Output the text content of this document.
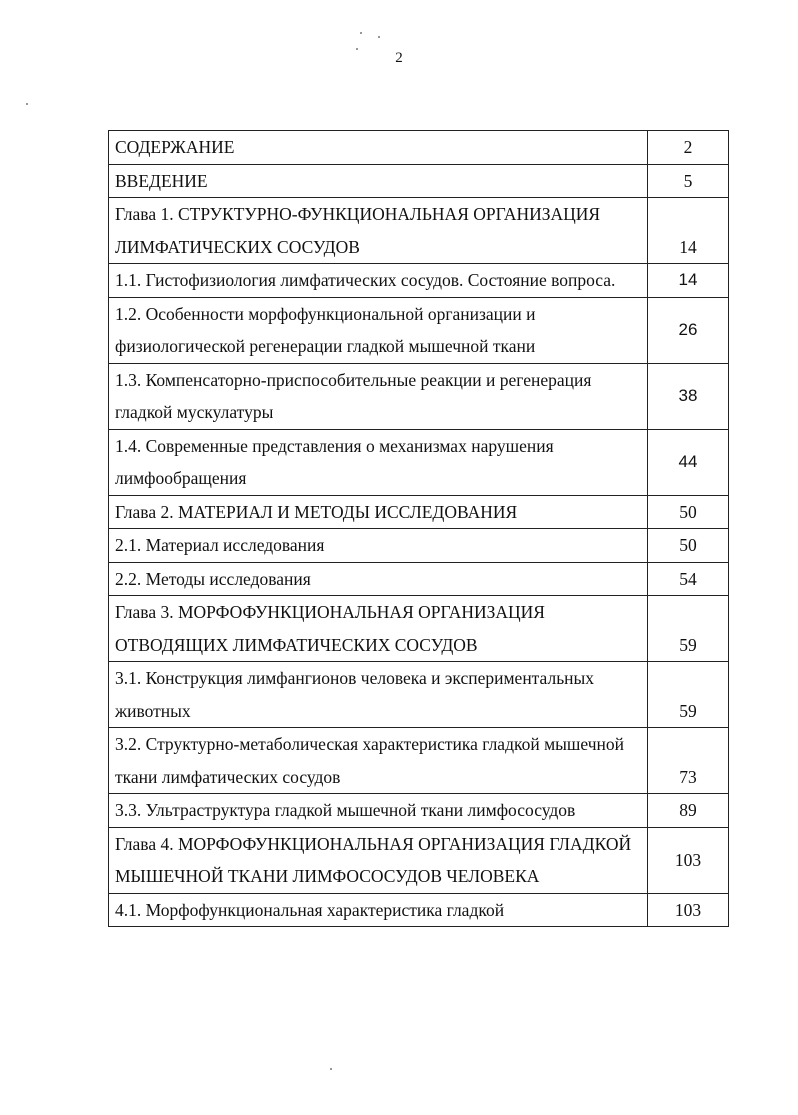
2
СОДЕРЖАНИЕ	2
ВВЕДЕНИЕ	5
Глава 1. СТРУКТУРНО-ФУНКЦИОНАЛЬНАЯ ОРГАНИЗАЦИЯ ЛИМФАТИЧЕСКИХ СОСУДОВ	14
1.1. Гистофизиология лимфатических сосудов. Состояние вопроса.	14
1.2. Особенности морфофункциональной организации и физиологической регенерации гладкой мышечной ткани	26
1.3. Компенсаторно-приспособительные реакции и регенерация гладкой мускулатуры	38
1.4. Современные представления о механизмах нарушения лимфообращения	44
Глава 2. МАТЕРИАЛ И МЕТОДЫ ИССЛЕДОВАНИЯ	50
2.1. Материал исследования	50
2.2. Методы исследования	54
Глава 3. МОРФОФУНКЦИОНАЛЬНАЯ ОРГАНИЗАЦИЯ ОТВОДЯЩИХ ЛИМФАТИЧЕСКИХ СОСУДОВ	59
3.1. Конструкция лимфангионов человека и экспериментальных животных	59
3.2. Структурно-метаболическая характеристика гладкой мышечной ткани лимфатических сосудов	73
3.3. Ультраструктура гладкой мышечной ткани лимфососудов	89
Глава 4. МОРФОФУНКЦИОНАЛЬНАЯ ОРГАНИЗАЦИЯ ГЛАДКОЙ МЫШЕЧНОЙ ТКАНИ ЛИМФОСОСУДОВ ЧЕЛОВЕКА	103
4.1. Морфофункциональная характеристика гладкой	103
